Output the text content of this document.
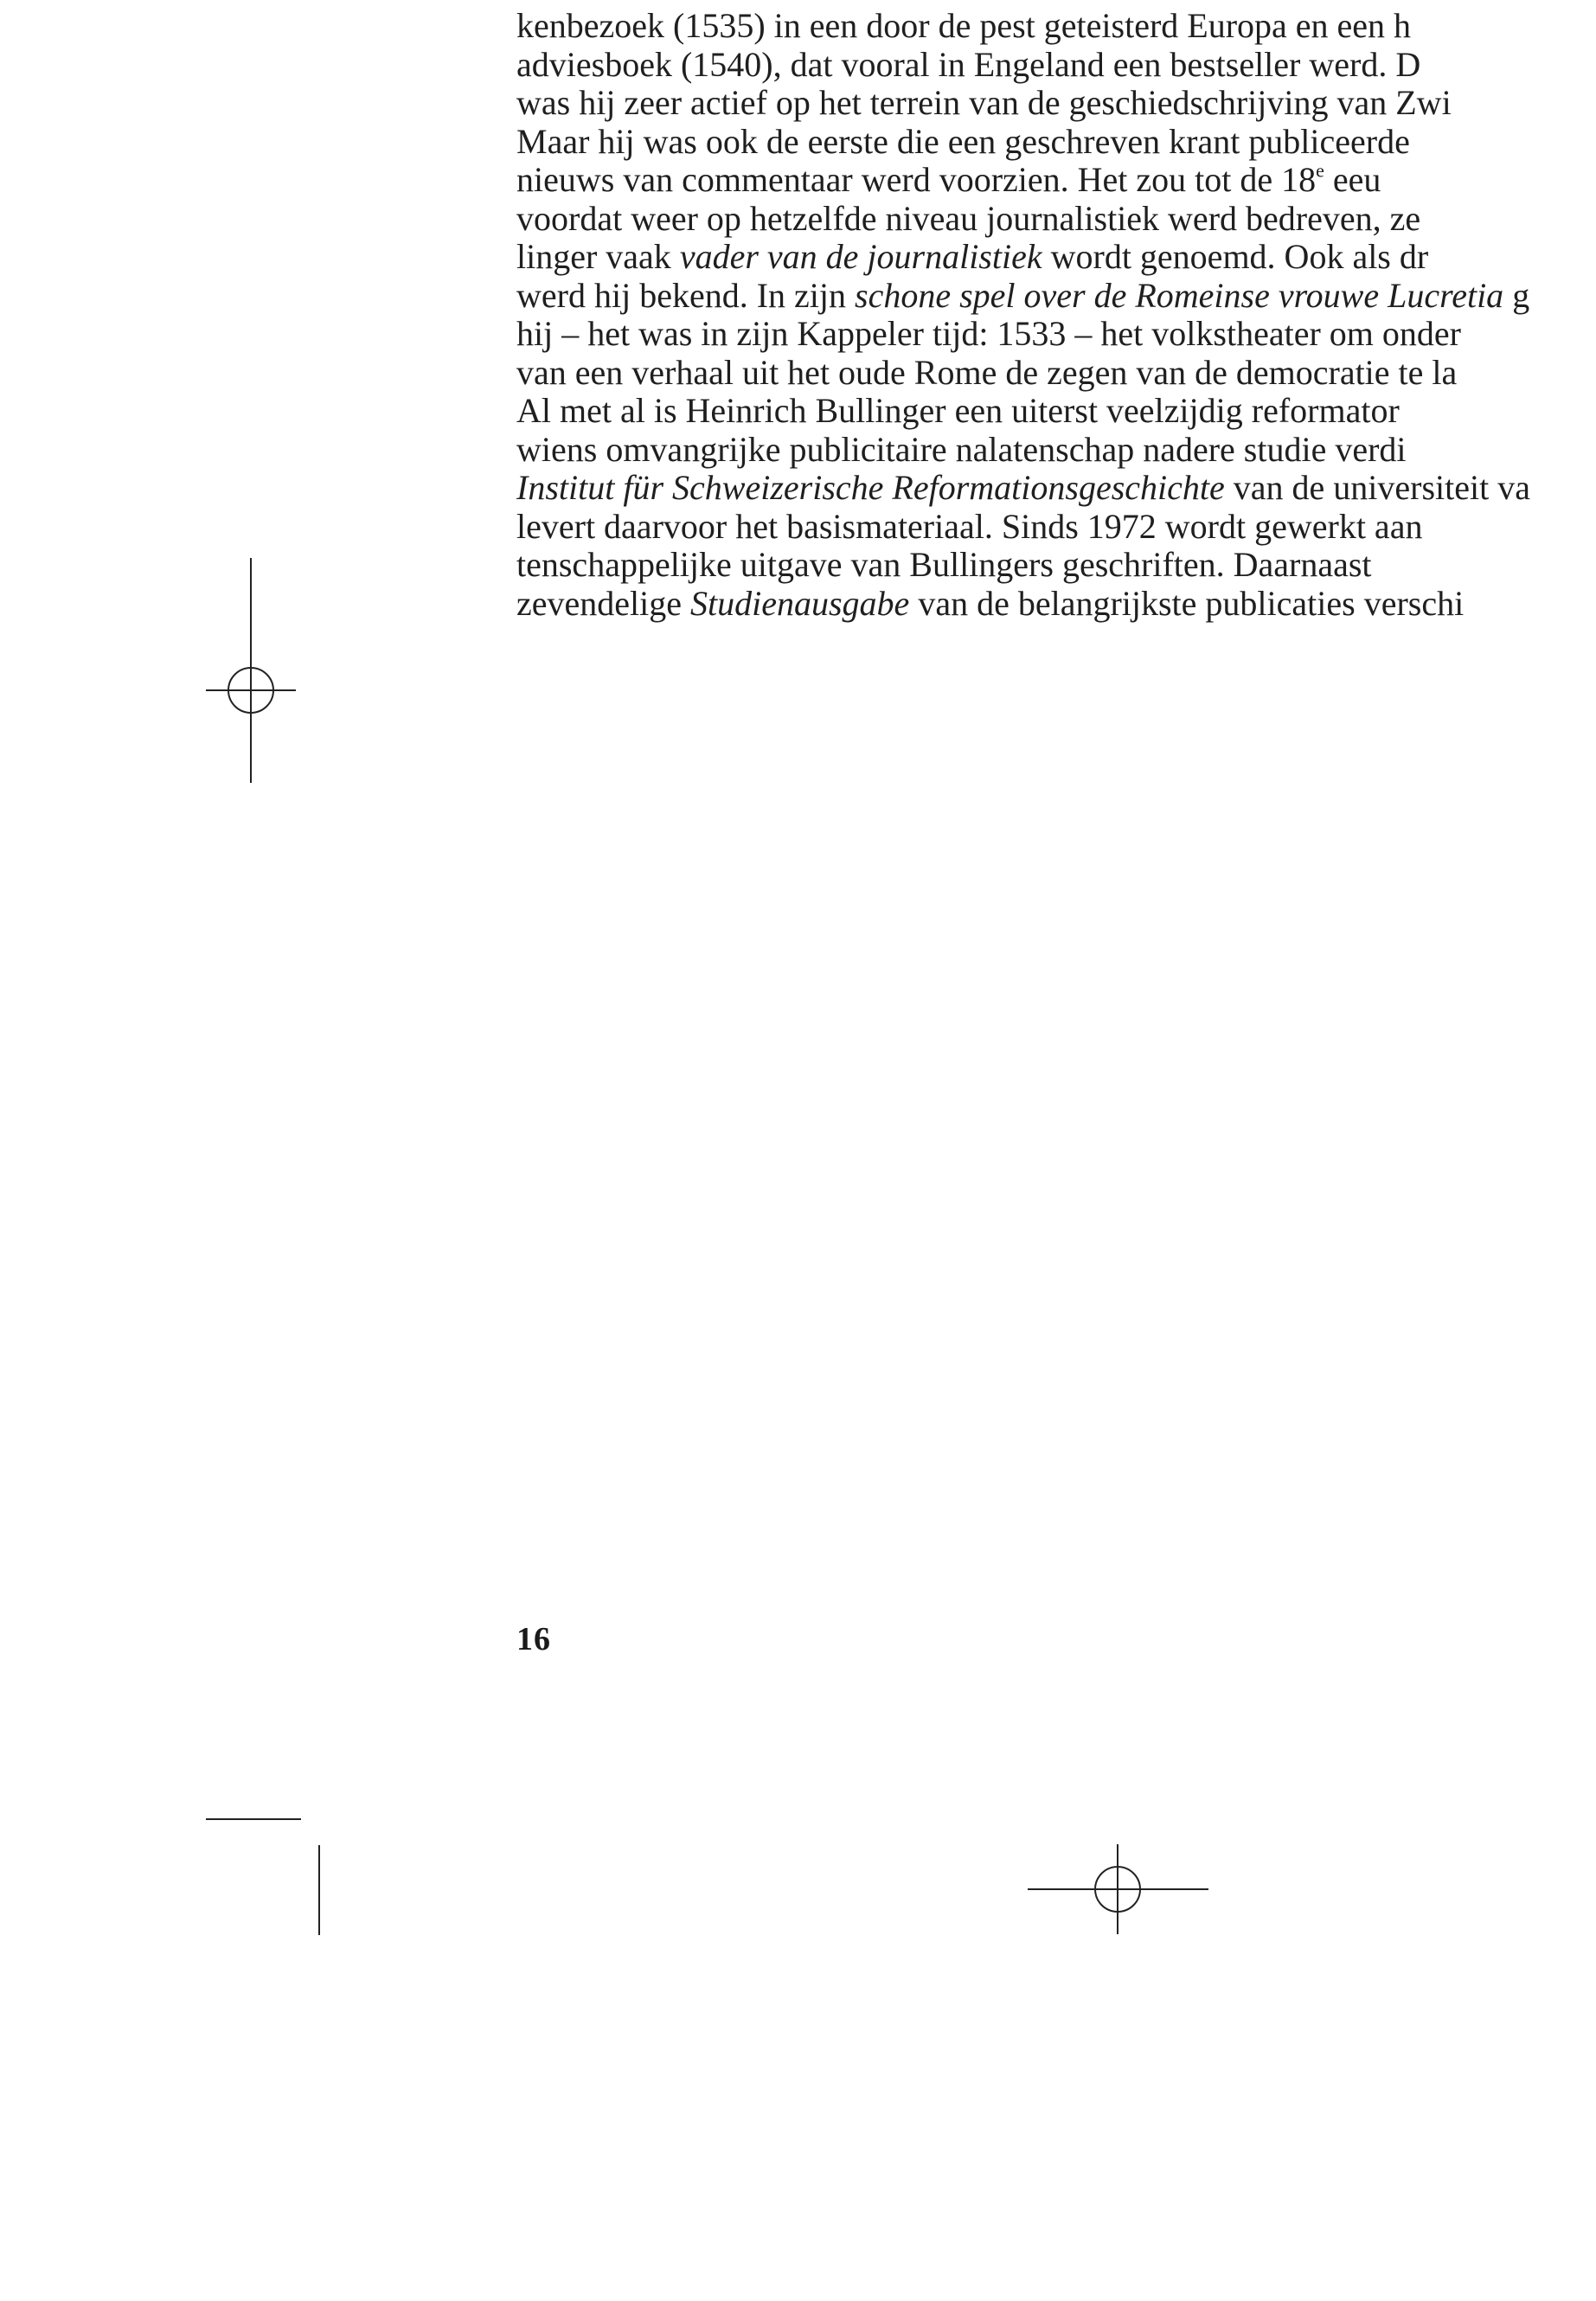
kenbezoek (1535) in een door de pest geteisterd Europa en een h
adviesboek (1540), dat vooral in Engeland een bestseller werd. D
was hij zeer actief op het terrein van de geschiedschrijving van Zwi
Maar hij was ook de eerste die een geschreven krant publiceerde
nieuws van commentaar werd voorzien. Het zou tot de 18e eeu
voordat weer op hetzelfde niveau journalistiek werd bedreven, ze
linger vaak vader van de journalistiek wordt genoemd. Ook als dr
werd hij bekend. In zijn schone spel over de Romeinse vrouwe Lucretia g
hij – het was in zijn Kappeler tijd: 1533 – het volkstheater om onder
van een verhaal uit het oude Rome de zegen van de democratie te la
Al met al is Heinrich Bullinger een uiterst veelzijdig reformator
wiens omvangrijke publicitaire nalatenschap nadere studie verdi
Institut für Schweizerische Reformationsgeschichte van de universiteit va
levert daarvoor het basismateriaal. Sinds 1972 wordt gewerkt aan
tenschappelijke uitgave van Bullingers geschriften. Daarnaast
zevendelige Studienausgabe van de belangrijkste publicaties verschi
16
